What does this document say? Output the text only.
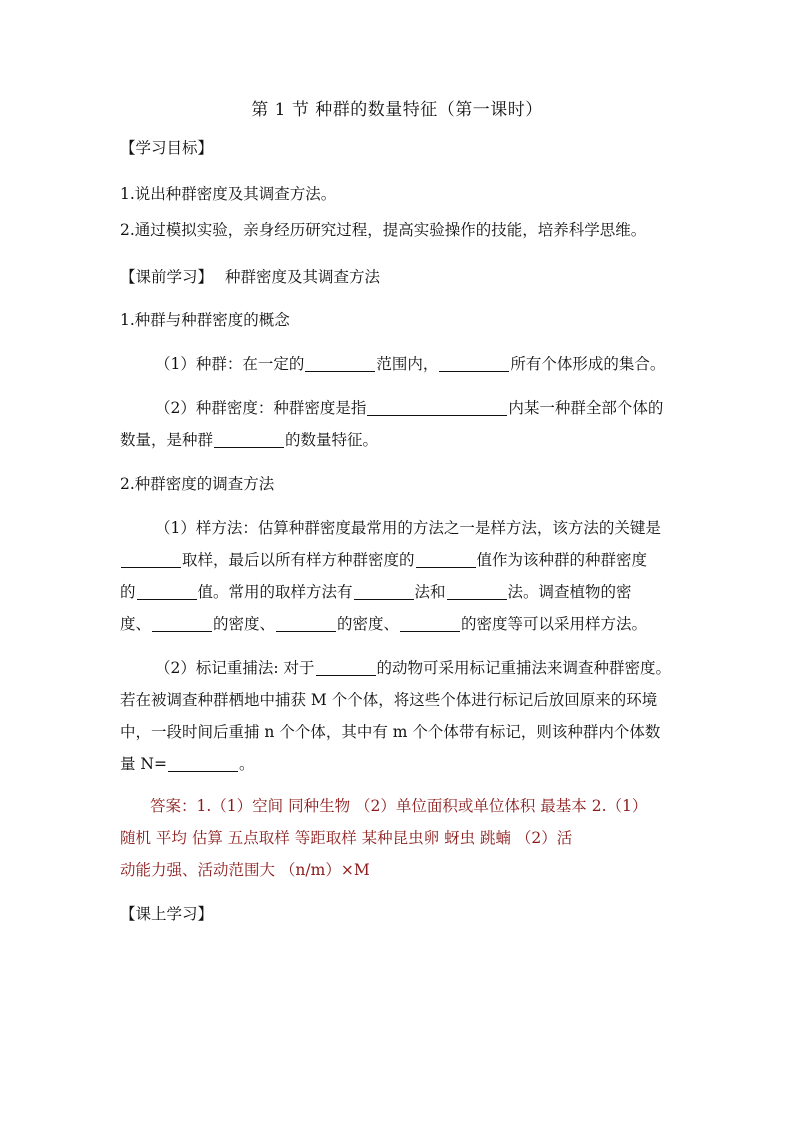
第 1 节 种群的数量特征（第一课时）
【学习目标】
1.说出种群密度及其调查方法。
2.通过模拟实验，亲身经历研究过程，提高实验操作的技能，培养科学思维。
【课前学习】 种群密度及其调查方法
1.种群与种群密度的概念
（1）种群：在一定的	范围内，	所有个体形成的集合。
（2）种群密度：种群密度是指	内某一种群全部个体的
数量，是种群	的数量特征。
2.种群密度的调查方法
（1）样方法：估算种群密度最常用的方法之一是样方法，该方法的关键是
取样，最后以所有样方种群密度的	值作为该种群的种群密度
的	值。常用的取样方法有	法和	法。调查植物的密
度、	的密度、	的密度、	的密度等可以采用样方法。
（2）标记重捕法: 对于	的动物可采用标记重捕法来调查种群密度。
若在被调查种群栖地中捕获 M 个个体，将这些个体进行标记后放回原来的环境
中，一段时间后重捕 n 个个体，其中有 m 个个体带有标记，则该种群内个体数
量 N=	。
答案：1.（1）空间 同种生物 （2）单位面积或单位体积 最基本 2.（1）
随机 平均 估算 五点取样 等距取样 某种昆虫卵 蚜虫 跳蝻 （2）活
动能力强、活动范围大 （n/m）×M
【课上学习】
